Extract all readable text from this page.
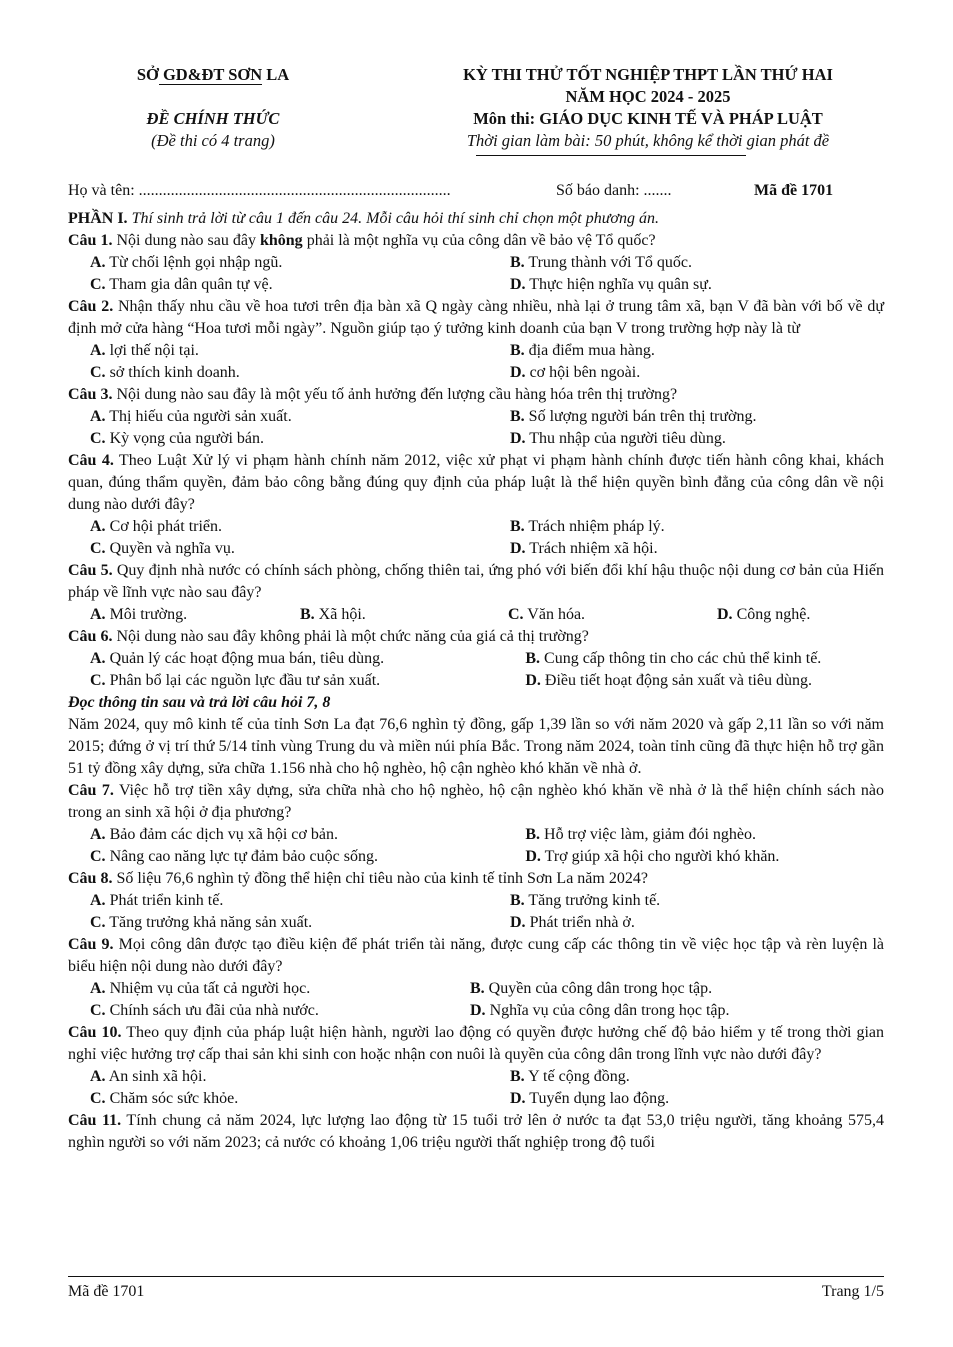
SỞ GD&ĐT SƠN LA
ĐỀ CHÍNH THỨC
(Đề thi có 4 trang)
KỲ THI THỬ TỐT NGHIỆP THPT LẦN THỨ HAI
NĂM HỌC 2024 - 2025
Môn thi: GIÁO DỤC KINH TẾ VÀ PHÁP LUẬT
Thời gian làm bài: 50 phút, không kể thời gian phát đề
Họ và tên: ..............................................................................	Số báo danh: .......	Mã đề 1701

PHẦN I. Thí sinh trả lời từ câu 1 đến câu 24. Mỗi câu hỏi thí sinh chỉ chọn một phương án.

Câu 1. Nội dung nào sau đây không phải là một nghĩa vụ của công dân về bảo vệ Tổ quốc?

A. Từ chối lệnh gọi nhập ngũ.	B. Trung thành với Tổ quốc.
C. Tham gia dân quân tự vệ.	D. Thực hiện nghĩa vụ quân sự.

Câu 2. Nhận thấy nhu cầu về hoa tươi trên địa bàn xã Q ngày càng nhiều, nhà lại ở trung tâm xã, bạn V đã bàn với bố về dự định mở cửa hàng “Hoa tươi mỗi ngày”. Nguồn giúp tạo ý tưởng kinh doanh của bạn V trong trường hợp này là từ

A. lợi thế nội tại.	B. địa điểm mua hàng.
C. sở thích kinh doanh.	D. cơ hội bên ngoài.

Câu 3. Nội dung nào sau đây là một yếu tố ảnh hưởng đến lượng cầu hàng hóa trên thị trường?

A. Thị hiếu của người sản xuất.	B. Số lượng người bán trên thị trường.
C. Kỳ vọng của người bán.	D. Thu nhập của người tiêu dùng.

Câu 4. Theo Luật Xử lý vi phạm hành chính năm 2012, việc xử phạt vi phạm hành chính được tiến hành công khai, khách quan, đúng thẩm quyền, đảm bảo công bằng đúng quy định của pháp luật là thể hiện quyền bình đẳng của công dân về nội dung nào dưới đây?

A. Cơ hội phát triển.	B. Trách nhiệm pháp lý.
C. Quyền và nghĩa vụ.	D. Trách nhiệm xã hội.

Câu 5. Quy định nhà nước có chính sách phòng, chống thiên tai, ứng phó với biến đổi khí hậu thuộc nội dung cơ bản của Hiến pháp về lĩnh vực nào sau đây?

A. Môi trường.	B. Xã hội.	C. Văn hóa.	D. Công nghệ.

Câu 6. Nội dung nào sau đây không phải là một chức năng của giá cả thị trường?

A. Quản lý các hoạt động mua bán, tiêu dùng.	B. Cung cấp thông tin cho các chủ thể kinh tế.
C. Phân bổ lại các nguồn lực đầu tư sản xuất.	D. Điều tiết hoạt động sản xuất và tiêu dùng.

Đọc thông tin sau và trả lời câu hỏi 7, 8

Năm 2024, quy mô kinh tế của tỉnh Sơn La đạt 76,6 nghìn tỷ đồng, gấp 1,39 lần so với năm 2020 và gấp 2,11 lần so với năm 2015; đứng ở vị trí thứ 5/14 tỉnh vùng Trung du và miền núi phía Bắc. Trong năm 2024, toàn tỉnh cũng đã thực hiện hỗ trợ gần 51 tỷ đồng xây dựng, sửa chữa 1.156 nhà cho hộ nghèo, hộ cận nghèo khó khăn về nhà ở.

Câu 7. Việc hỗ trợ tiền xây dựng, sửa chữa nhà cho hộ nghèo, hộ cận nghèo khó khăn về nhà ở là thể hiện chính sách nào trong an sinh xã hội ở địa phương?

A. Bảo đảm các dịch vụ xã hội cơ bản.	B. Hỗ trợ việc làm, giảm đói nghèo.
C. Nâng cao năng lực tự đảm bảo cuộc sống.	D. Trợ giúp xã hội cho người khó khăn.

Câu 8. Số liệu 76,6 nghìn tỷ đồng thể hiện chỉ tiêu nào của kinh tế tỉnh Sơn La năm 2024?

A. Phát triển kinh tế.	B. Tăng trưởng kinh tế.
C. Tăng trưởng khả năng sản xuất.	D. Phát triển nhà ở.

Câu 9. Mọi công dân được tạo điều kiện để phát triển tài năng, được cung cấp các thông tin về việc học tập và rèn luyện là biểu hiện nội dung nào dưới đây?

A. Nhiệm vụ của tất cả người học.	B. Quyền của công dân trong học tập.
C. Chính sách ưu đãi của nhà nước.	D. Nghĩa vụ của công dân trong học tập.

Câu 10. Theo quy định của pháp luật hiện hành, người lao động có quyền được hưởng chế độ bảo hiểm y tế trong thời gian nghỉ việc hưởng trợ cấp thai sản khi sinh con hoặc nhận con nuôi là quyền của công dân trong lĩnh vực nào dưới đây?

A. An sinh xã hội.	B. Y tế cộng đồng.
C. Chăm sóc sức khỏe.	D. Tuyển dụng lao động.

Câu 11. Tính chung cả năm 2024, lực lượng lao động từ 15 tuổi trở lên ở nước ta đạt 53,0 triệu người, tăng khoảng 575,4 nghìn người so với năm 2023; cả nước có khoảng 1,06 triệu người thất nghiệp trong độ tuổi

Mã đề 1701	Trang 1/5
